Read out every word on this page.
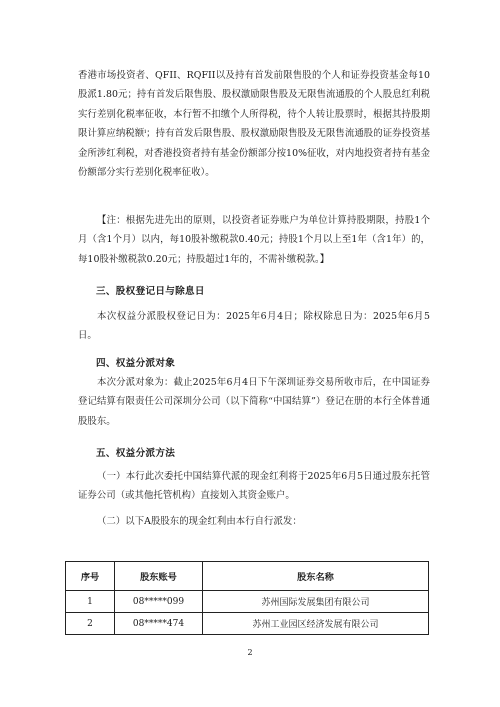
香港市场投资者、QFII、RQFII以及持有首发前限售股的个人和证券投资基金每10股派1.80元；持有首发后限售股、股权激励限售股及无限售流通股的个人股息红利税实行差别化税率征收，本行暂不扣缴个人所得税，待个人转让股票时，根据其持股期限计算应纳税额ⁱ；持有首发后限售股、股权激励限售股及无限售流通股的证券投资基金所涉红利税，对香港投资者持有基金份额部分按10%征收，对内地投资者持有基金份额部分实行差别化税率征收）。

【注：根据先进先出的原则，以投资者证券账户为单位计算持股期限，持股1个月（含1个月）以内，每10股补缴税款0.40元；持股1个月以上至1年（含1年）的，每10股补缴税款0.20元；持股超过1年的，不需补缴税款。】

三、股权登记日与除息日

本次权益分派股权登记日为：2025年6月4日；除权除息日为：2025年6月5日。

四、权益分派对象

本次分派对象为：截止2025年6月4日下午深圳证券交易所收市后，在中国证券登记结算有限责任公司深圳分公司（以下简称“中国结算”）登记在册的本行全体普通股股东。

五、权益分派方法

（一）本行此次委托中国结算代派的现金红利将于2025年6月5日通过股东托管证券公司（或其他托管机构）直接划入其资金账户。

（二）以下A股股东的现金红利由本行自行派发：

序号	股东账号	股东名称
1	08*****099	苏州国际发展集团有限公司
2	08*****474	苏州工业园区经济发展有限公司
2
